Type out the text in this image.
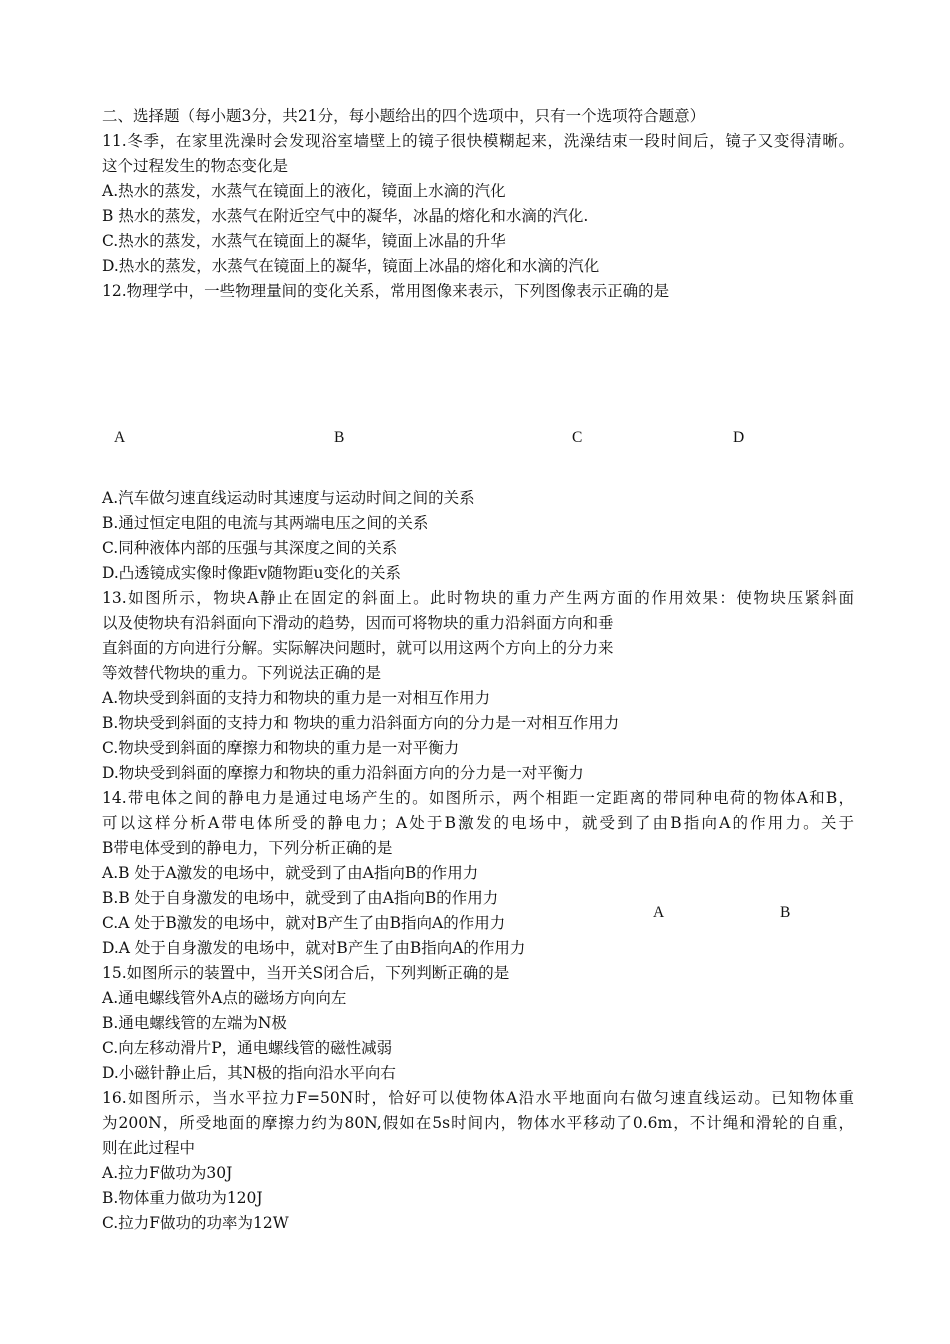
二、选择题（每小题3分，共21分，每小题给出的四个选项中，只有一个选项符合题意）
11.冬季，在家里洗澡时会发现浴室墙壁上的镜子很快模糊起来，洗澡结束一段时间后，镜子又变得清晰。
这个过程发生的物态变化是
A.热水的蒸发，水蒸气在镜面上的液化，镜面上水滴的汽化
B 热水的蒸发，水蒸气在附近空气中的凝华，冰晶的熔化和水滴的汽化.
C.热水的蒸发，水蒸气在镜面上的凝华，镜面上冰晶的升华
D.热水的蒸发，水蒸气在镜面上的凝华，镜面上冰晶的熔化和水滴的汽化
12.物理学中，一些物理量间的变化关系，常用图像来表示，下列图像表示正确的是
A	B	C	D
A.汽车做匀速直线运动时其速度与运动时间之间的关系
B.通过恒定电阻的电流与其两端电压之间的关系
C.同种液体内部的压强与其深度之间的关系
D.凸透镜成实像时像距v随物距u变化的关系
13.如图所示，物块A静止在固定的斜面上。此时物块的重力产生两方面的作用效果：使物块压紧斜面
以及使物块有沿斜面向下滑动的趋势，因而可将物块的重力沿斜面方向和垂
直斜面的方向进行分解。实际解决问题时，就可以用这两个方向上的分力来
等效替代物块的重力。下列说法正确的是
A.物块受到斜面的支持力和物块的重力是一对相互作用力
B.物块受到斜面的支持力和 物块的重力沿斜面方向的分力是一对相互作用力
C.物块受到斜面的摩擦力和物块的重力是一对平衡力
D.物块受到斜面的摩擦力和物块的重力沿斜面方向的分力是一对平衡力
14.带电体之间的静电力是通过电场产生的。如图所示，两个相距一定距离的带同种电荷的物体A和B，
可以这样分析A带电体所受的静电力；A处于B激发的电场中，就受到了由B指向A的作用力。关于
B带电体受到的静电力，下列分析正确的是
A.B 处于A激发的电场中，就受到了由A指向B的作用力
B.B 处于自身激发的电场中，就受到了由A指向B的作用力
C.A 处于B激发的电场中，就对B产生了由B指向A的作用力
D.A 处于自身激发的电场中，就对B产生了由B指向A的作用力
A	B
15.如图所示的装置中，当开关S闭合后，下列判断正确的是
A.通电螺线管外A点的磁场方向向左
B.通电螺线管的左端为N极
C.向左移动滑片P，通电螺线管的磁性减弱
D.小磁针静止后，其N极的指向沿水平向右
16.如图所示，当水平拉力F=50N时，恰好可以使物体A沿水平地面向右做匀速直线运动。已知物体重
为200N，所受地面的摩擦力约为80N,假如在5s时间内，物体水平移动了0.6m，不计绳和滑轮的自重，
则在此过程中
A.拉力F做功为30J
B.物体重力做功为120J
C.拉力F做功的功率为12W
